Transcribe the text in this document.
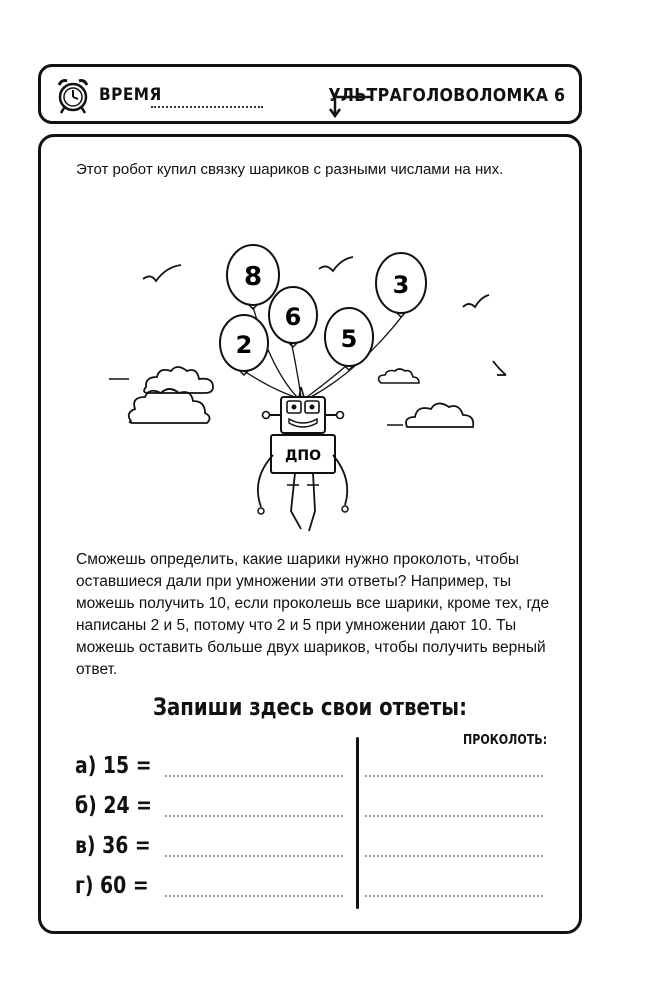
ВРЕМЯ	УЛЬТРАГОЛОВОЛОМКА 6

Этот робот купил связку шариков с разными числами на них.

8
6
3
5
2
ДПО

Сможешь определить, какие шарики нужно проколоть, чтобы оставшиеся дали при умножении эти ответы? Например, ты можешь получить 10, если проколешь все шарики, кроме тех, где написаны 2 и 5, потому что 2 и 5 при умножении дают 10. Ты можешь оставить больше двух шариков, чтобы получить верный ответ.

Запиши здесь свои ответы:
ПРОКОЛОТЬ:
а) 15 =
б) 24 =
в) 36 =
г) 60 =
